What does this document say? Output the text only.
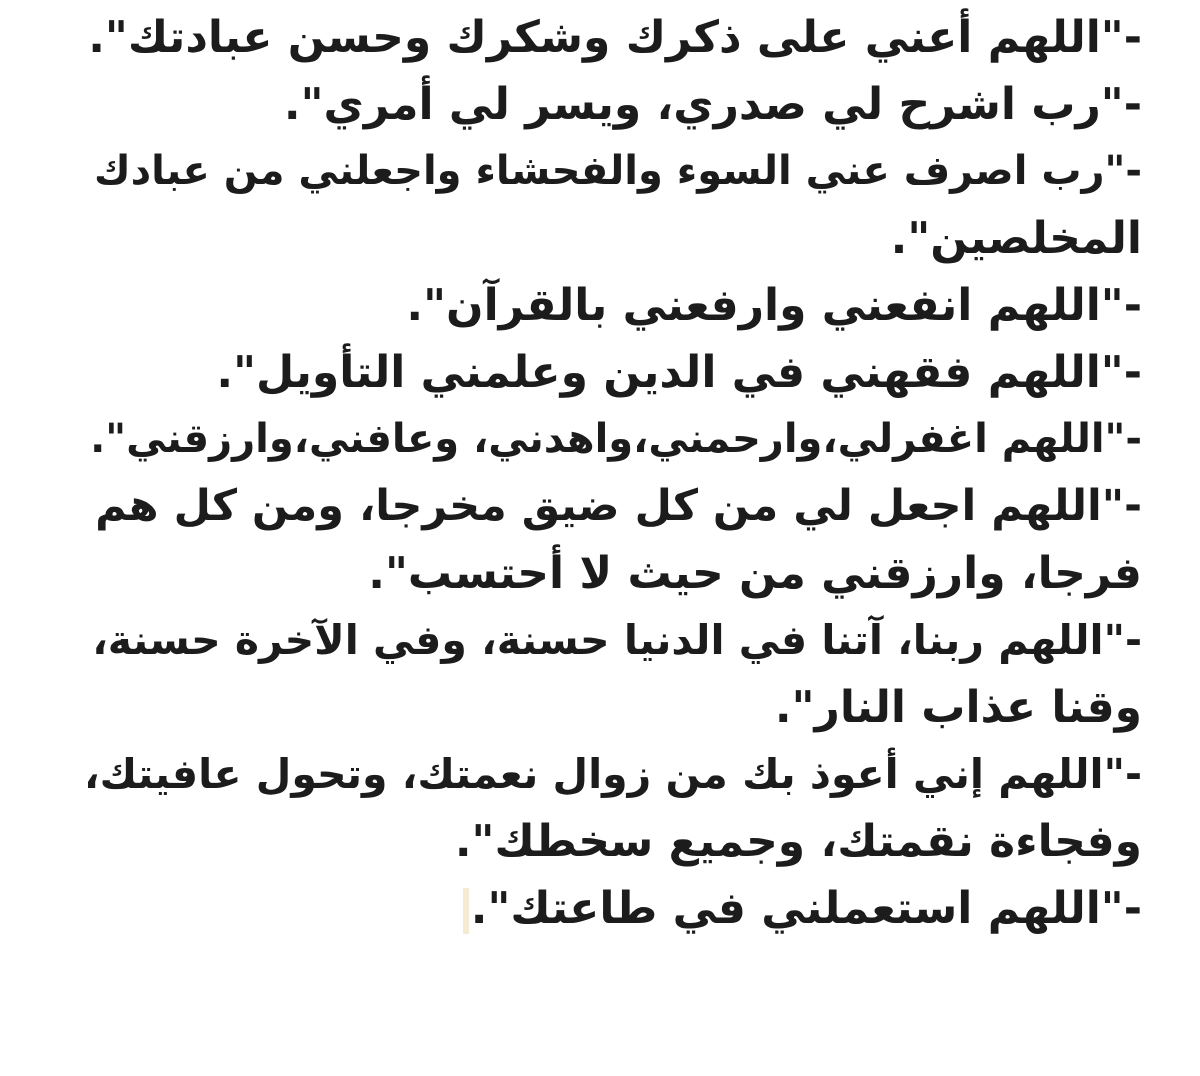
-"اللهم أعني على ذكرك وشكرك وحسن عبادتك".
-"رب اشرح لي صدري، ويسر لي أمري".
-"رب اصرف عني السوء والفحشاء واجعلني من عبادك
المخلصين".
-"اللهم انفعني وارفعني بالقرآن".
-"اللهم فقهني في الدين وعلمني التأويل".
-"اللهم اغفرلي،وارحمني،واهدني، وعافني،وارزقني".
-"اللهم اجعل لي من كل ضيق مخرجا، ومن كل هم
فرجا، وارزقني من حيث لا أحتسب".
-"اللهم ربنا، آتنا في الدنيا حسنة، وفي الآخرة حسنة،
وقنا عذاب النار".
-"اللهم إني أعوذ بك من زوال نعمتك، وتحول عافيتك،
وفجاءة نقمتك، وجميع سخطك".
-"اللهم استعملني في طاعتك".
